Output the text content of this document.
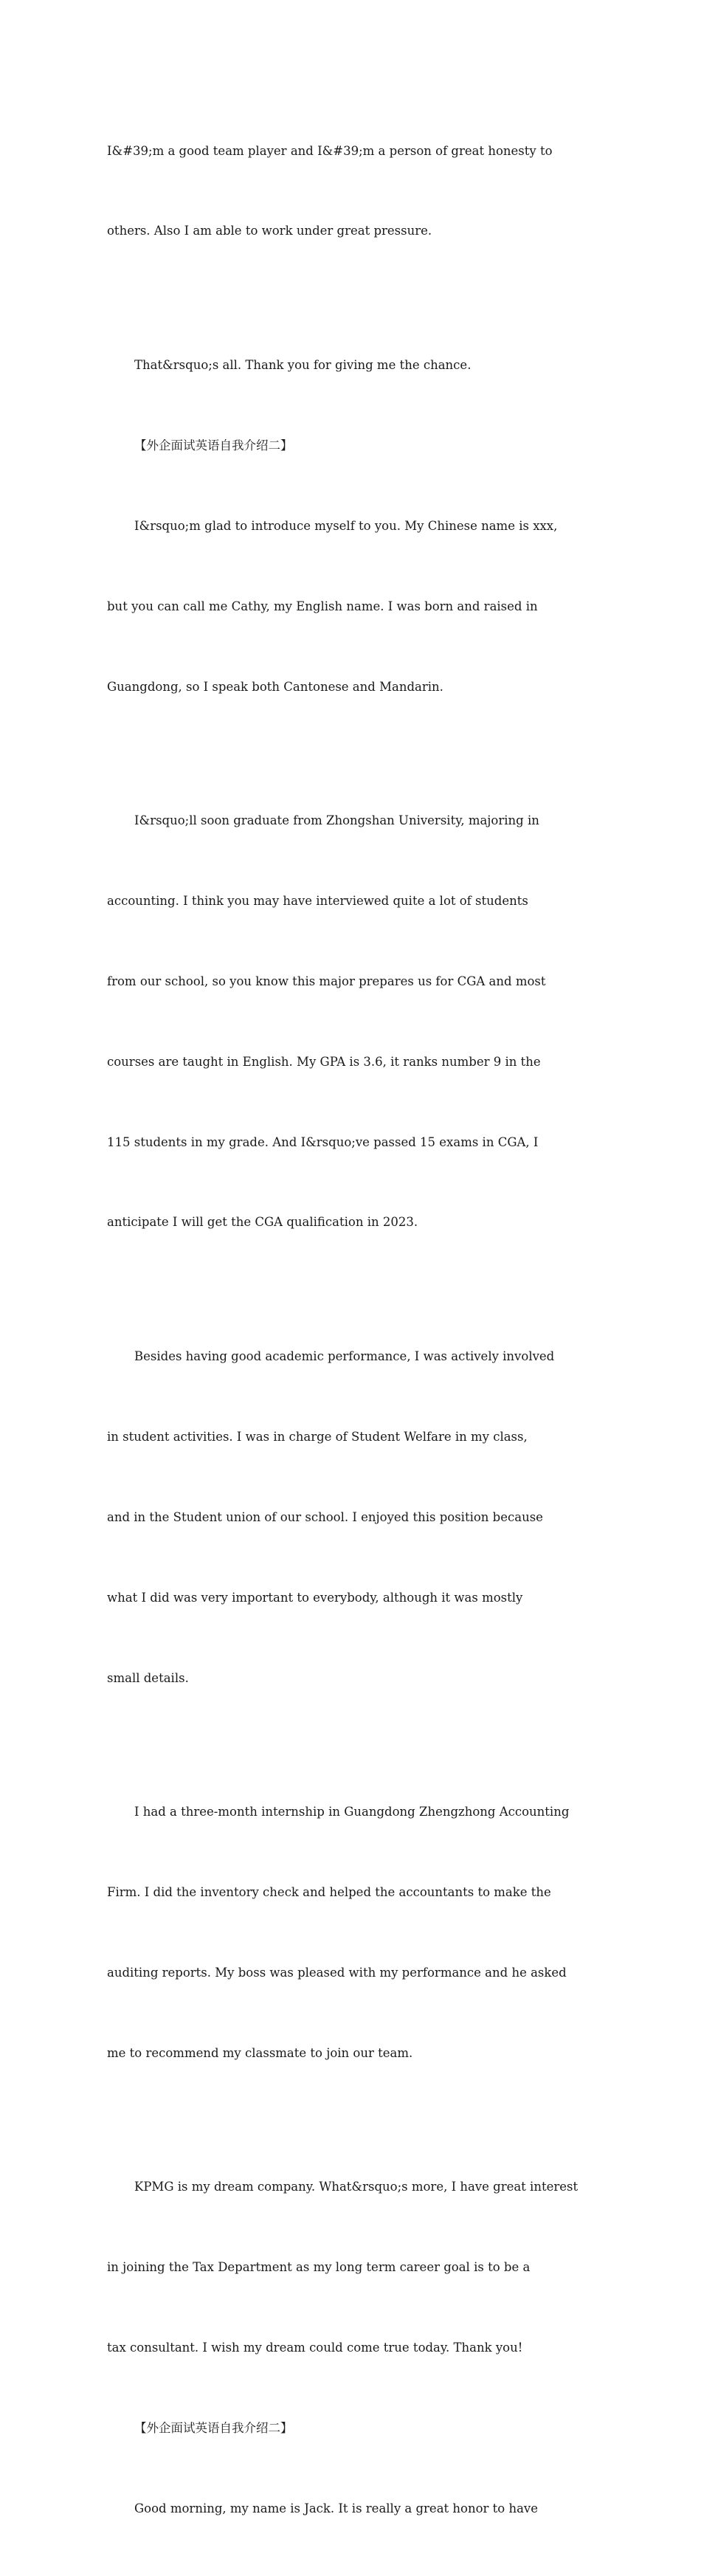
I&#39;m a good team player and I&#39;m a person of great honesty to

others. Also I am able to work under great pressure.

That&rsquo;s all. Thank you for giving me the chance.

【外企面试英语自我介绍二】

I&rsquo;m glad to introduce myself to you. My Chinese name is xxx,

but you can call me Cathy, my English name. I was born and raised in

Guangdong, so I speak both Cantonese and Mandarin.

I&rsquo;ll soon graduate from Zhongshan University, majoring in

accounting. I think you may have interviewed quite a lot of students

from our school, so you know this major prepares us for CGA and most

courses are taught in English. My GPA is 3.6, it ranks number 9 in the

115 students in my grade. And I&rsquo;ve passed 15 exams in CGA, I

anticipate I will get the CGA qualification in 2023.

Besides having good academic performance, I was actively involved

in student activities. I was in charge of Student Welfare in my class,

and in the Student union of our school. I enjoyed this position because

what I did was very important to everybody, although it was mostly

small details.

I had a three-month internship in Guangdong Zhengzhong Accounting

Firm. I did the inventory check and helped the accountants to make the

auditing reports. My boss was pleased with my performance and he asked

me to recommend my classmate to join our team.

KPMG is my dream company. What&rsquo;s more, I have great interest

in joining the Tax Department as my long term career goal is to be a

tax consultant. I wish my dream could come true today. Thank you!

【外企面试英语自我介绍二】

Good morning, my name is Jack. It is really a great honor to have
